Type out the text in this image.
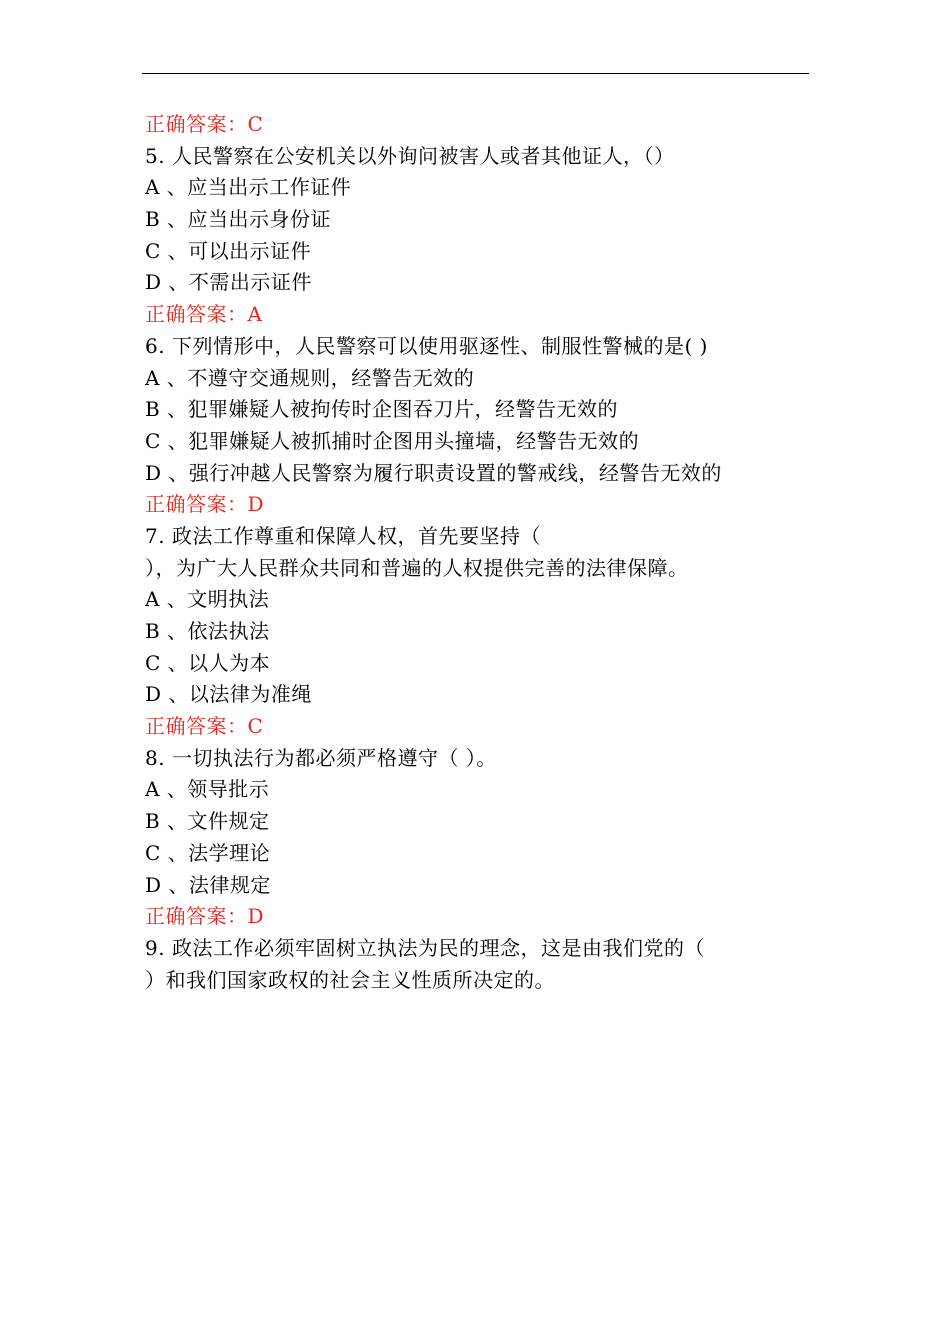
正确答案：C
5. 人民警察在公安机关以外询问被害人或者其他证人，（）
A 、应当出示工作证件
B 、应当出示身份证
C 、可以出示证件
D 、不需出示证件
正确答案：A
6. 下列情形中，人民警察可以使用驱逐性、制服性警械的是( )
A 、不遵守交通规则，经警告无效的
B 、犯罪嫌疑人被拘传时企图吞刀片，经警告无效的
C 、犯罪嫌疑人被抓捕时企图用头撞墙，经警告无效的
D 、强行冲越人民警察为履行职责设置的警戒线，经警告无效的
正确答案：D
7. 政法工作尊重和保障人权，首先要坚持（
），为广大人民群众共同和普遍的人权提供完善的法律保障。
A 、文明执法
B 、依法执法
C 、以人为本
D 、以法律为准绳
正确答案：C
8. 一切执法行为都必须严格遵守（ ）。
A 、领导批示
B 、文件规定
C 、法学理论
D 、法律规定
正确答案：D
9. 政法工作必须牢固树立执法为民的理念，这是由我们党的（
）和我们国家政权的社会主义性质所决定的。
